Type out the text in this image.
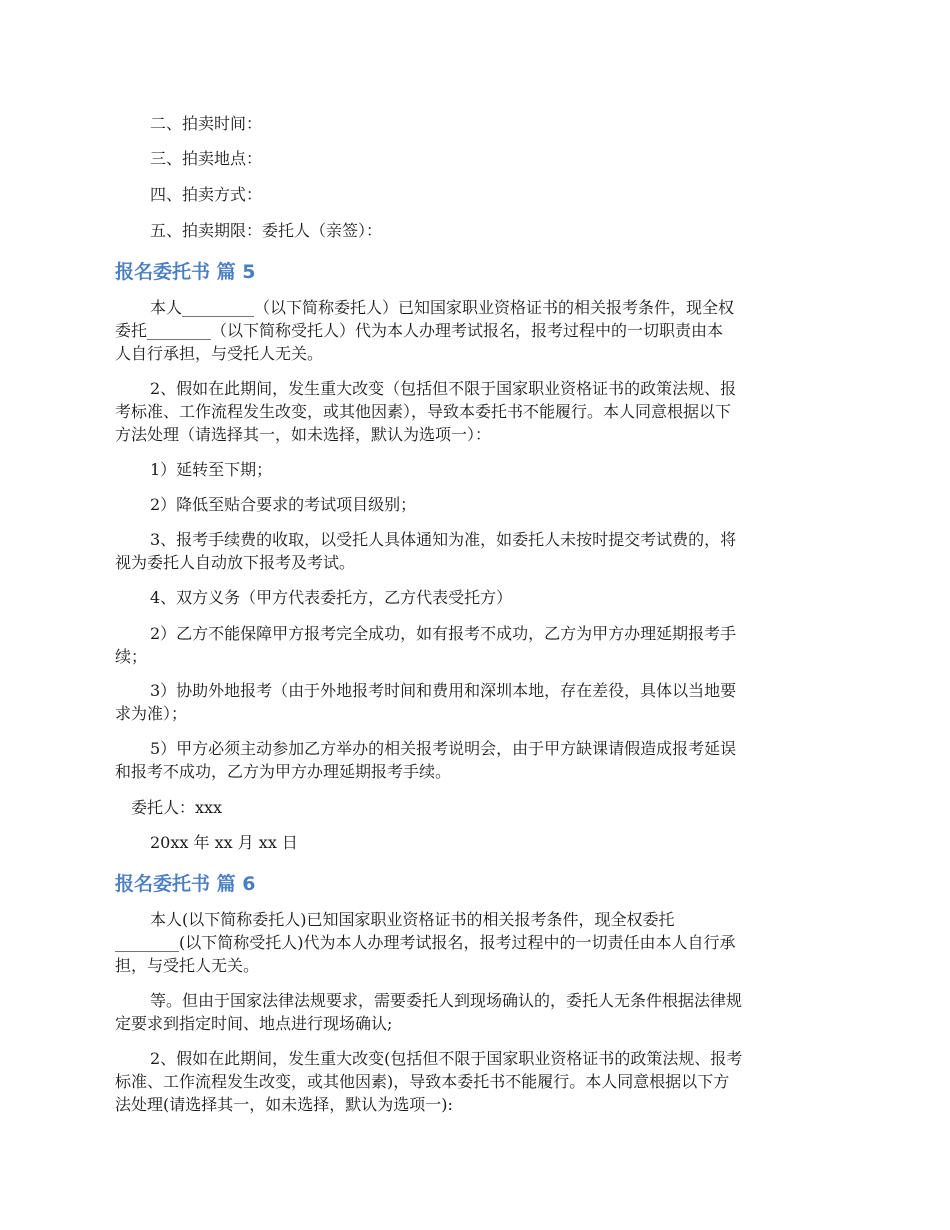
二、拍卖时间：
三、拍卖地点：
四、拍卖方式：
五、拍卖期限：委托人（亲签）：
报名委托书 篇 5
本人_________（以下简称委托人）已知国家职业资格证书的相关报考条件，现全权
委托________（以下简称受托人）代为本人办理考试报名，报考过程中的一切职责由本
人自行承担，与受托人无关。
2、假如在此期间，发生重大改变（包括但不限于国家职业资格证书的政策法规、报
考标准、工作流程发生改变，或其他因素），导致本委托书不能履行。本人同意根据以下
方法处理（请选择其一，如未选择，默认为选项一）：
1）延转至下期；
2）降低至贴合要求的考试项目级别；
3、报考手续费的收取，以受托人具体通知为准，如委托人未按时提交考试费的，将
视为委托人自动放下报考及考试。
4、双方义务（甲方代表委托方，乙方代表受托方）
2）乙方不能保障甲方报考完全成功，如有报考不成功，乙方为甲方办理延期报考手
续；
3）协助外地报考（由于外地报考时间和费用和深圳本地，存在差役，具体以当地要
求为准）；
5）甲方必须主动参加乙方举办的相关报考说明会，由于甲方缺课请假造成报考延误
和报考不成功，乙方为甲方办理延期报考手续。
委托人：xxx
20xx 年 xx 月 xx 日
报名委托书 篇 6
本人(以下简称委托人)已知国家职业资格证书的相关报考条件，现全权委托
________(以下简称受托人)代为本人办理考试报名，报考过程中的一切责任由本人自行承
担，与受托人无关。
等。但由于国家法律法规要求，需要委托人到现场确认的，委托人无条件根据法律规
定要求到指定时间、地点进行现场确认;
2、假如在此期间，发生重大改变(包括但不限于国家职业资格证书的政策法规、报考
标准、工作流程发生改变，或其他因素)，导致本委托书不能履行。本人同意根据以下方
法处理(请选择其一，如未选择，默认为选项一):
